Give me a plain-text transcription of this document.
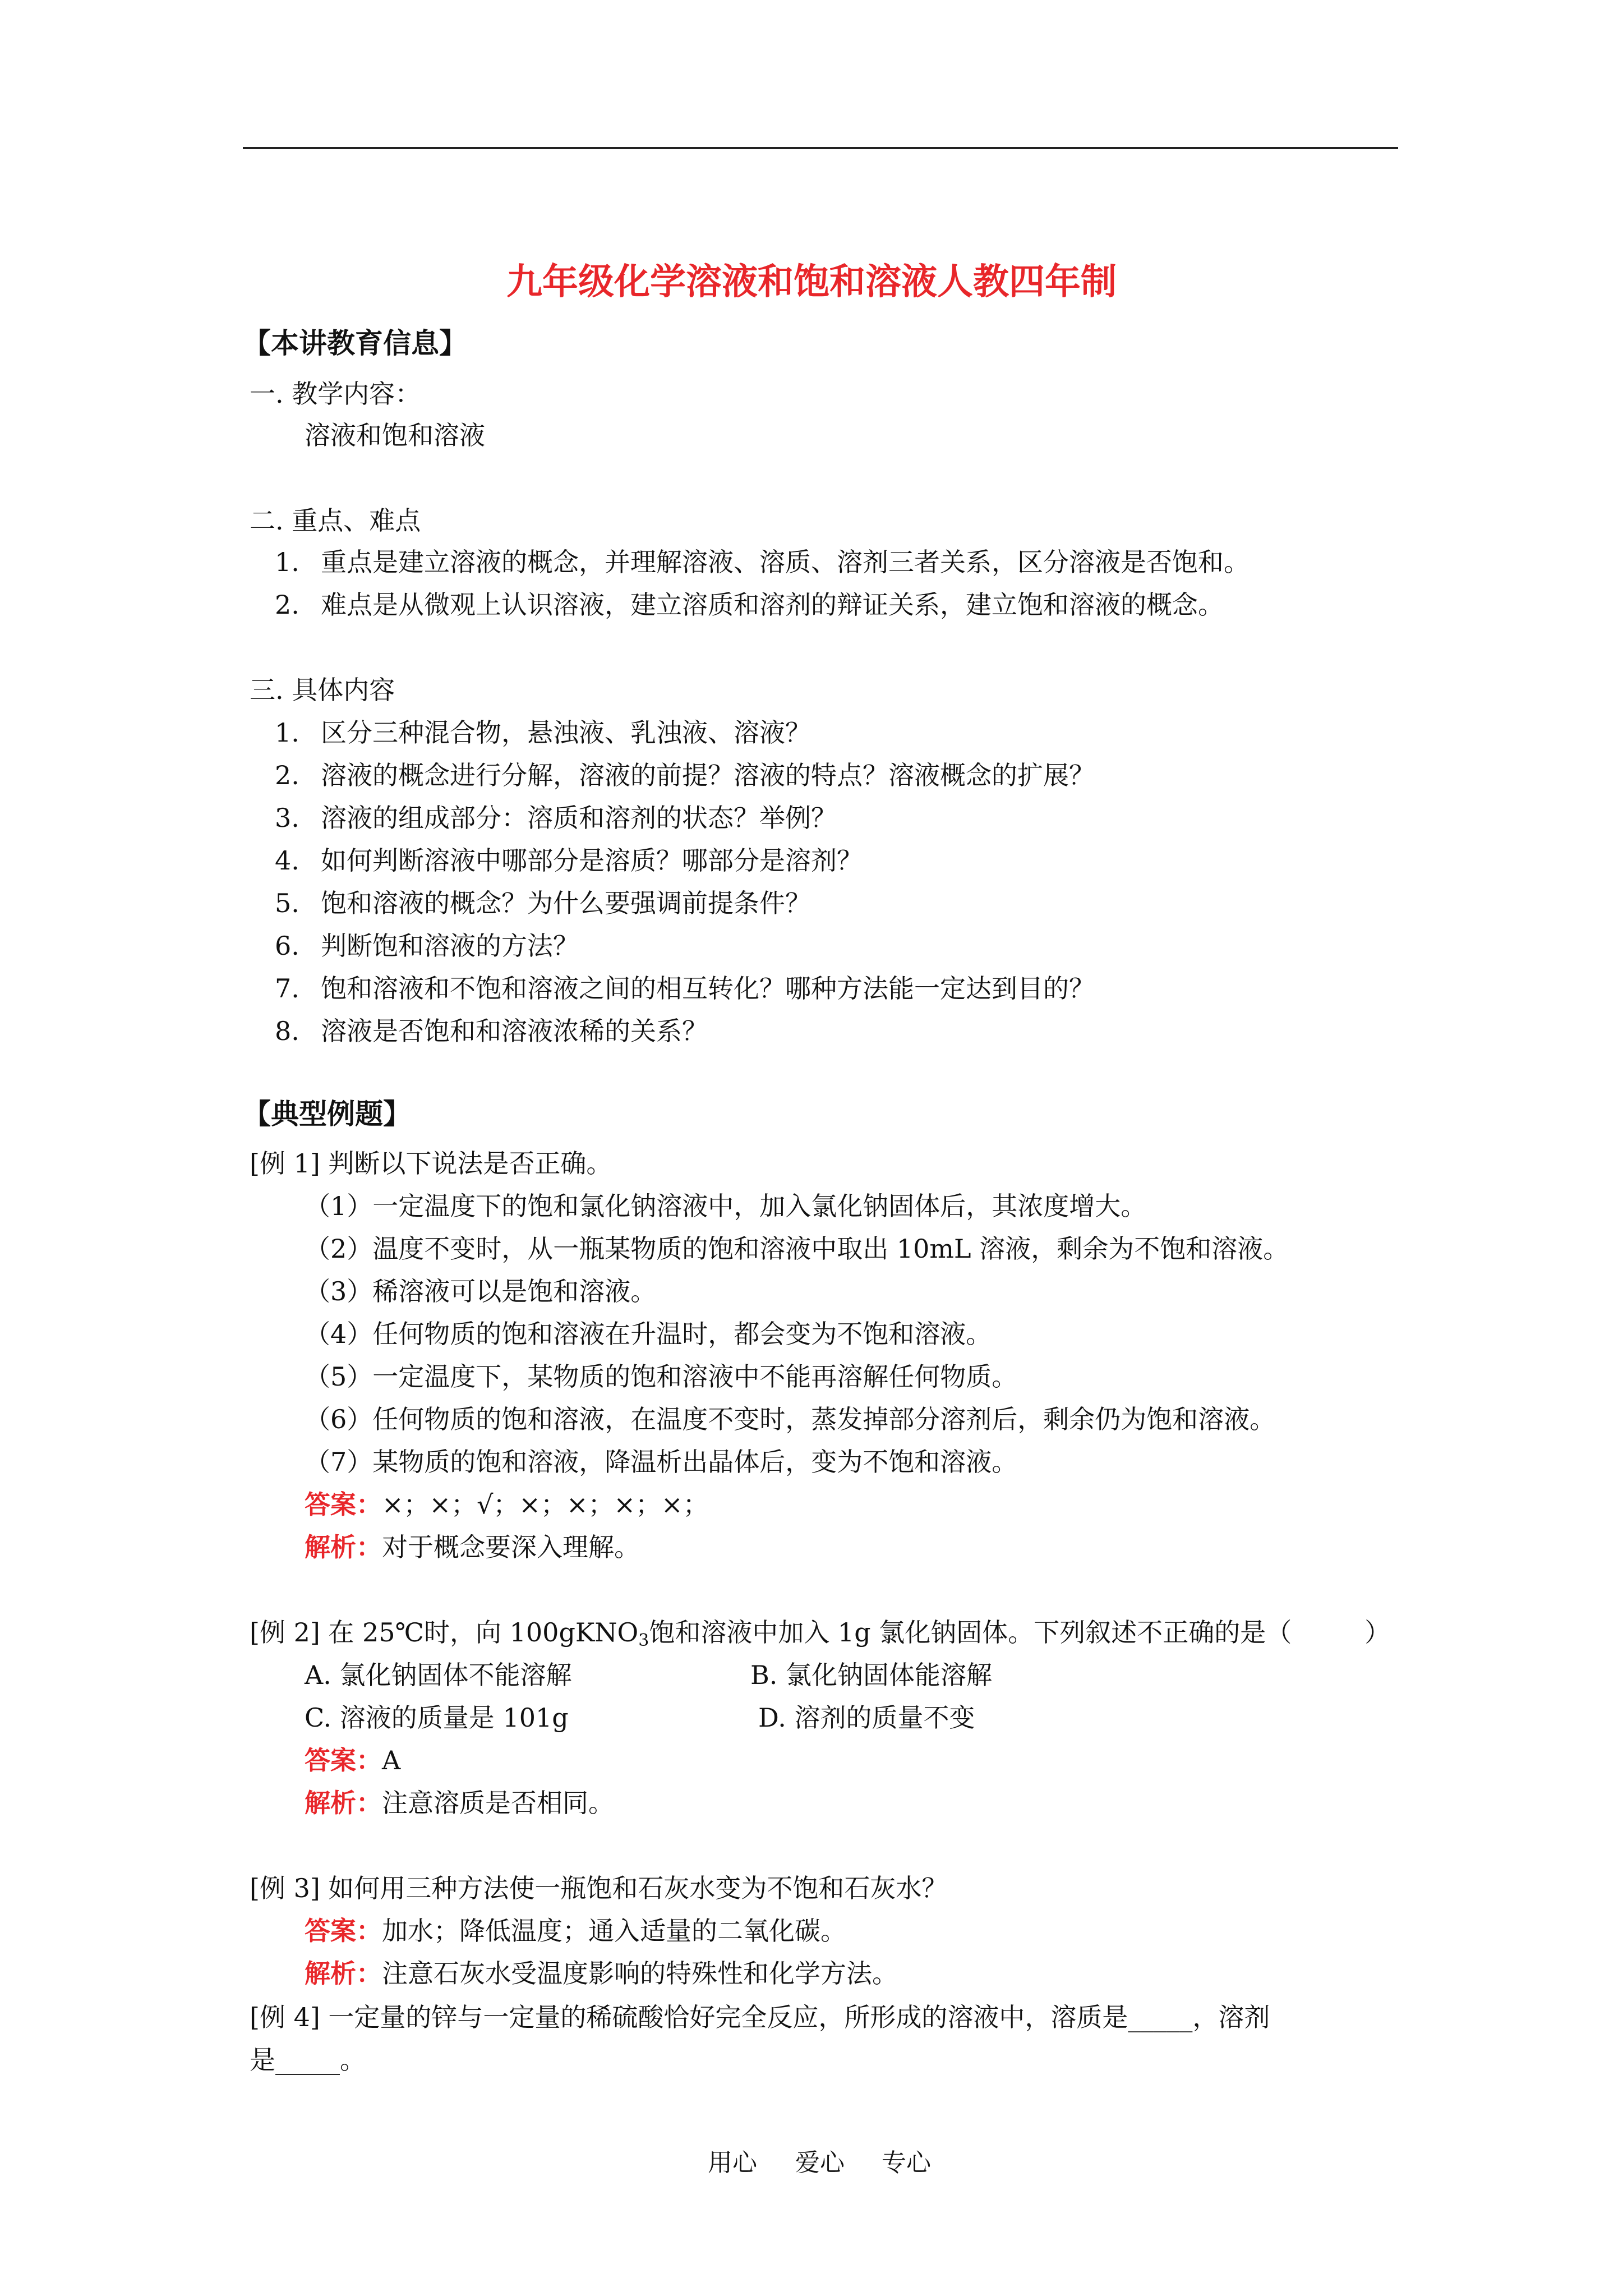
九年级化学溶液和饱和溶液人教四年制
【本讲教育信息】
一. 教学内容：
溶液和饱和溶液
二. 重点、难点
1. 重点是建立溶液的概念，并理解溶液、溶质、溶剂三者关系，区分溶液是否饱和。
2. 难点是从微观上认识溶液，建立溶质和溶剂的辩证关系，建立饱和溶液的概念。
三. 具体内容
1. 区分三种混合物，悬浊液、乳浊液、溶液？
2. 溶液的概念进行分解，溶液的前提？溶液的特点？溶液概念的扩展？
3. 溶液的组成部分：溶质和溶剂的状态？举例？
4. 如何判断溶液中哪部分是溶质？哪部分是溶剂？
5. 饱和溶液的概念？为什么要强调前提条件？
6. 判断饱和溶液的方法？
7. 饱和溶液和不饱和溶液之间的相互转化？哪种方法能一定达到目的？
8. 溶液是否饱和和溶液浓稀的关系？
【典型例题】
[例 1] 判断以下说法是否正确。
（1）一定温度下的饱和氯化钠溶液中，加入氯化钠固体后，其浓度增大。
（2）温度不变时，从一瓶某物质的饱和溶液中取出 10mL 溶液，剩余为不饱和溶液。
（3）稀溶液可以是饱和溶液。
（4）任何物质的饱和溶液在升温时，都会变为不饱和溶液。
（5）一定温度下，某物质的饱和溶液中不能再溶解任何物质。
（6）任何物质的饱和溶液，在温度不变时，蒸发掉部分溶剂后，剩余仍为饱和溶液。
（7）某物质的饱和溶液，降温析出晶体后，变为不饱和溶液。
答案：×；×；√；×；×；×；×；
解析：对于概念要深入理解。
[例 2] 在 25℃时，向 100gKNO$_3$饱和溶液中加入 1g 氯化钠固体。下列叙述不正确的是（	）
A. 氯化钠固体不能溶解	B. 氯化钠固体能溶解
C. 溶液的质量是 101g	D. 溶剂的质量不变
答案：A
解析：注意溶质是否相同。
[例 3] 如何用三种方法使一瓶饱和石灰水变为不饱和石灰水？
答案：加水；降低温度；通入适量的二氧化碳。
解析：注意石灰水受温度影响的特殊性和化学方法。
[例 4] 一定量的锌与一定量的稀硫酸恰好完全反应，所形成的溶液中，溶质是_____，溶剂
是_____。
用心 爱心 专心
